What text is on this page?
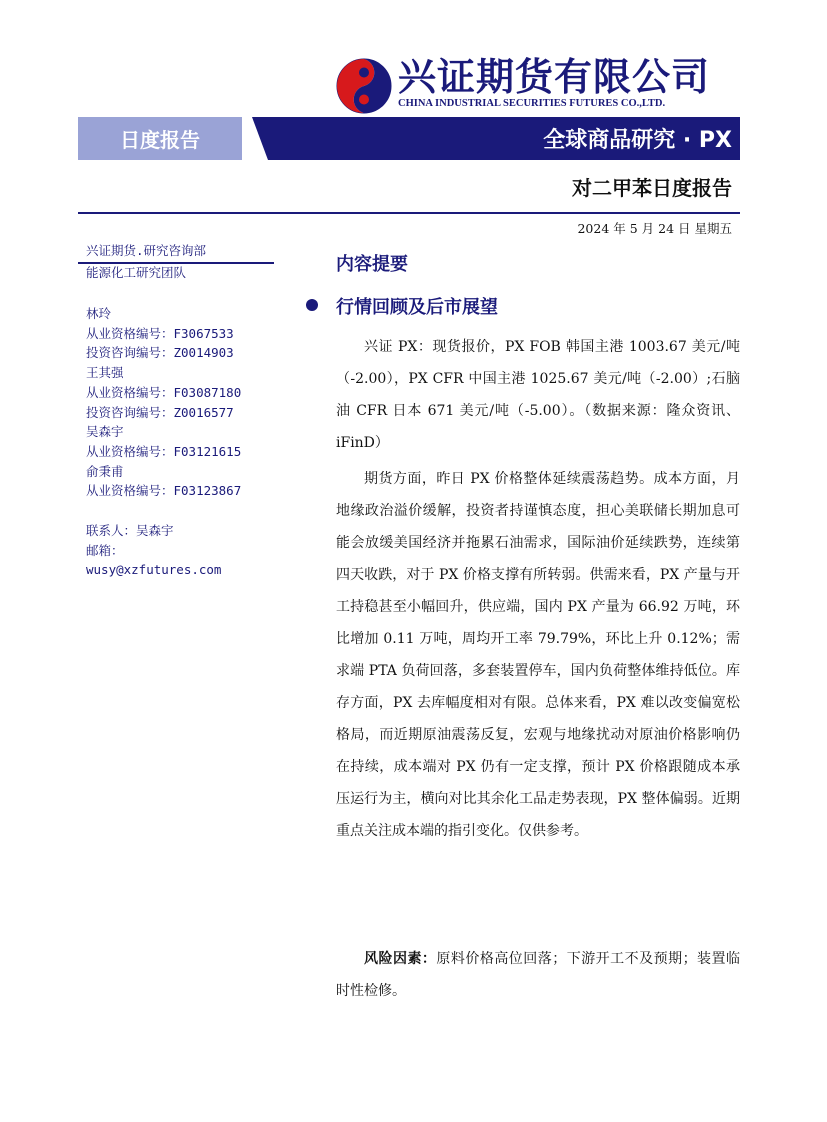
兴证期货有限公司
CHINA INDUSTRIAL SECURITIES FUTURES CO.,LTD.
日度报告	全球商品研究 · PX
对二甲苯日度报告
2024 年 5 月 24 日 星期五
兴证期货.研究咨询部
能源化工研究团队
林玲
从业资格编号：F3067533
投资咨询编号：Z0014903
王其强
从业资格编号：F03087180
投资咨询编号：Z0016577
吴森宇
从业资格编号：F03121615
俞秉甫
从业资格编号：F03123867
联系人：吴森宇
邮箱：
wusy@xzfutures.com
内容提要
行情回顾及后市展望
兴证 PX：现货报价，PX FOB 韩国主港 1003.67 美元/吨（-2.00），PX CFR 中国主港 1025.67 美元/吨（-2.00）;石脑油 CFR 日本 671 美元/吨（-5.00）。（数据来源：隆众资讯、iFinD）
期货方面，昨日 PX 价格整体延续震荡趋势。成本方面，月地缘政治溢价缓解，投资者持谨慎态度，担心美联储长期加息可能会放缓美国经济并拖累石油需求，国际油价延续跌势，连续第四天收跌，对于 PX 价格支撑有所转弱。供需来看，PX 产量与开工持稳甚至小幅回升，供应端，国内 PX 产量为 66.92 万吨，环比增加 0.11 万吨，周均开工率 79.79%，环比上升 0.12%；需求端 PTA 负荷回落，多套装置停车，国内负荷整体维持低位。库存方面，PX 去库幅度相对有限。总体来看，PX 难以改变偏宽松格局，而近期原油震荡反复，宏观与地缘扰动对原油价格影响仍在持续，成本端对 PX 仍有一定支撑，预计 PX 价格跟随成本承压运行为主，横向对比其余化工品走势表现，PX 整体偏弱。近期重点关注成本端的指引变化。仅供参考。
风险因素：原料价格高位回落；下游开工不及预期；装置临时性检修。
